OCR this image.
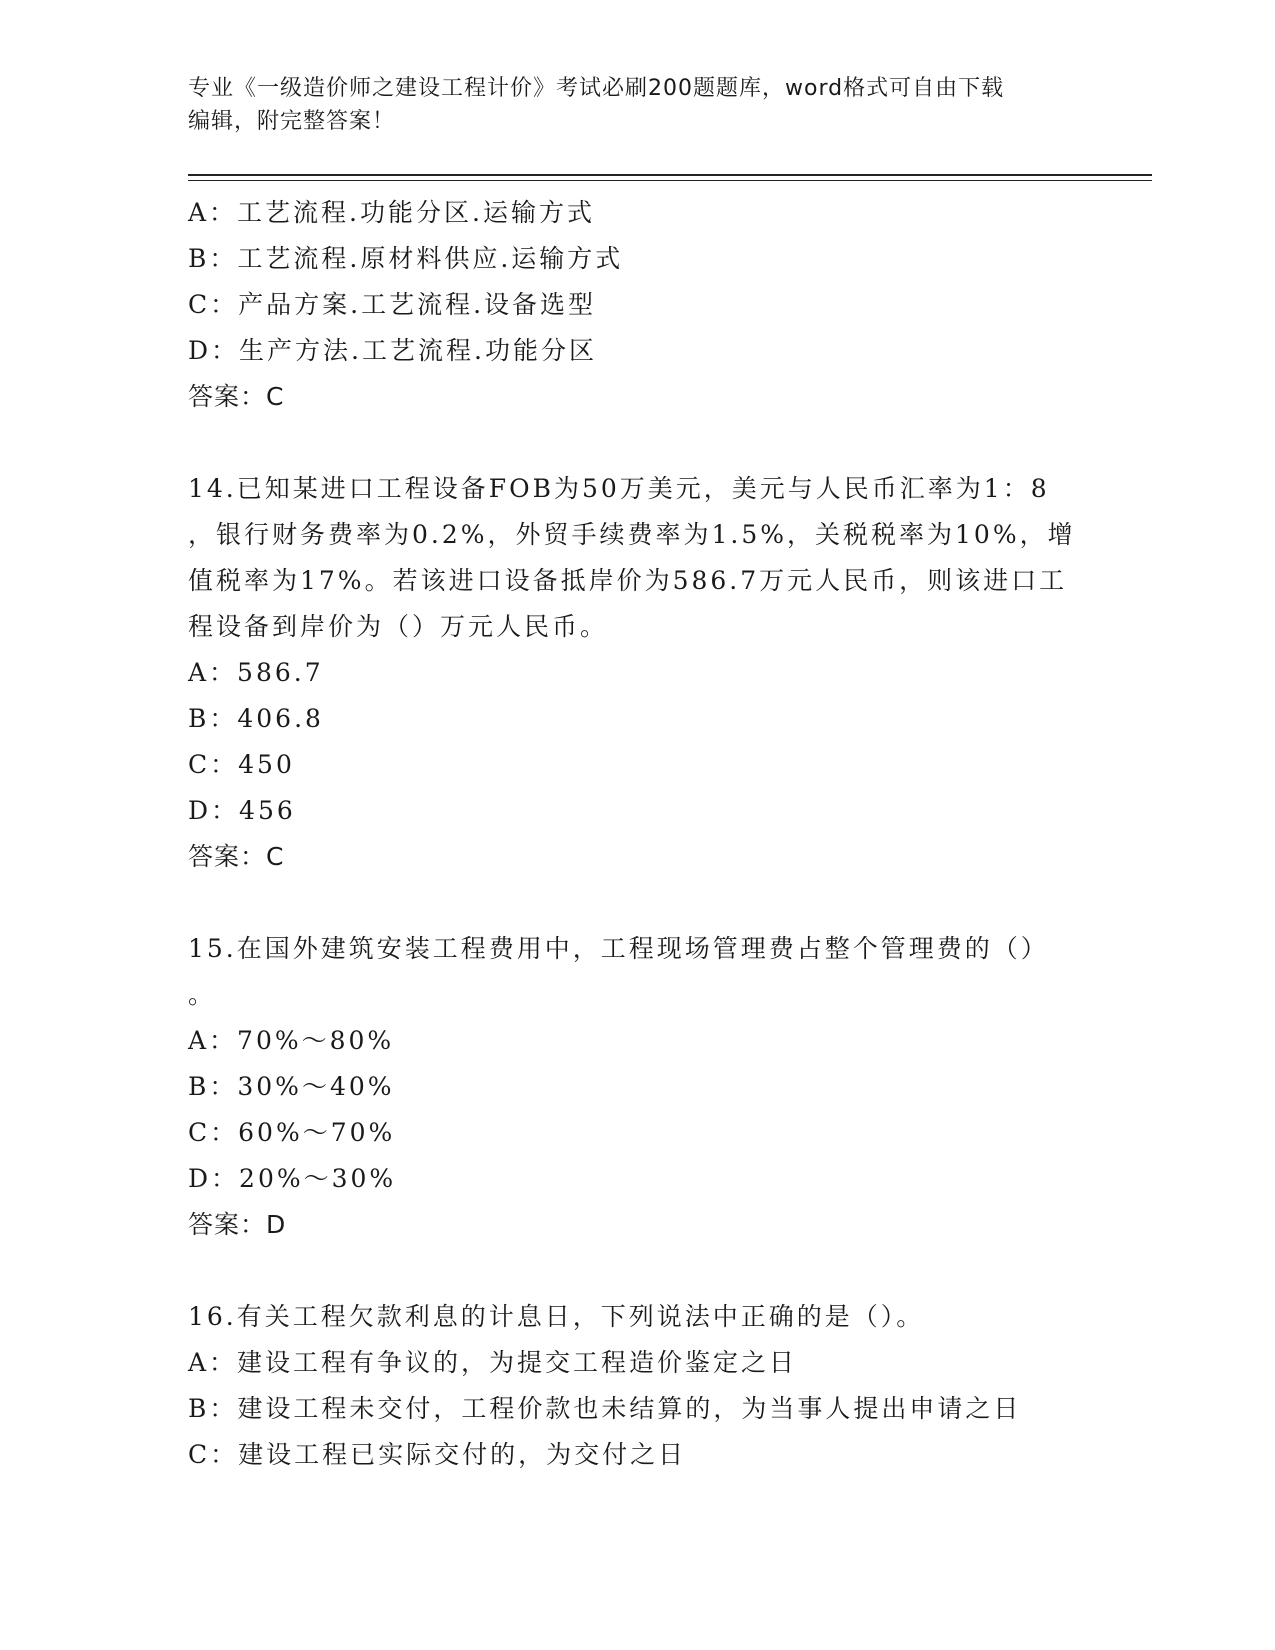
专业《一级造价师之建设工程计价》考试必刷200题题库，word格式可自由下载
编辑，附完整答案！
A：工艺流程.功能分区.运输方式
B：工艺流程.原材料供应.运输方式
C：产品方案.工艺流程.设备选型
D：生产方法.工艺流程.功能分区
答案：C
14.已知某进口工程设备FOB为50万美元，美元与人民币汇率为1：8
，银行财务费率为0.2%，外贸手续费率为1.5%，关税税率为10%，增
值税率为17%。若该进口设备抵岸价为586.7万元人民币，则该进口工
程设备到岸价为（）万元人民币。
A：586.7
B：406.8
C：450
D：456
答案：C
15.在国外建筑安装工程费用中，工程现场管理费占整个管理费的（）
。
A：70%～80%
B：30%～40%
C：60%～70%
D：20%～30%
答案：D
16.有关工程欠款利息的计息日，下列说法中正确的是（）。
A：建设工程有争议的，为提交工程造价鉴定之日
B：建设工程未交付，工程价款也未结算的，为当事人提出申请之日
C：建设工程已实际交付的，为交付之日
